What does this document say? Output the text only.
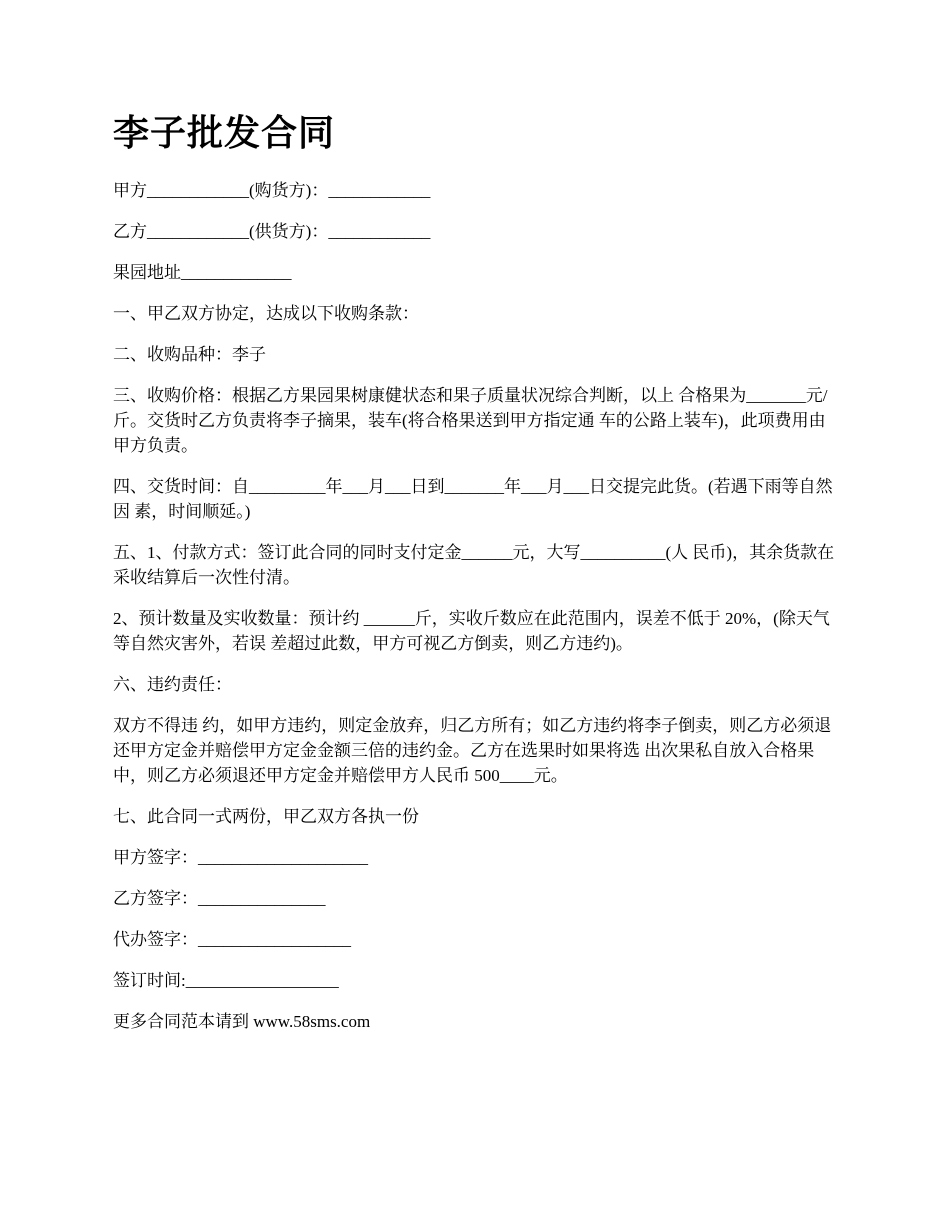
李子批发合同

甲方____________(购货方)：____________

乙方____________(供货方)：____________

果园地址_____________

一、甲乙双方协定，达成以下收购条款：

二、收购品种：李子

三、收购价格：根据乙方果园果树康健状态和果子质量状况综合判断，以上 合格果为_______元/斤。交货时乙方负责将李子摘果，装车(将合格果送到甲方指定通 车的公路上装车)，此项费用由甲方负责。

四、交货时间：自_________年___月___日到_______年___月___日交提完此货。(若遇下雨等自然因 素，时间顺延。)

五、1、付款方式：签订此合同的同时支付定金______元，大写__________(人 民币)，其余货款在采收结算后一次性付清。

2、预计数量及实收数量：预计约 ______斤，实收斤数应在此范围内，误差不低于 20%，(除天气等自然灾害外，若误 差超过此数，甲方可视乙方倒卖，则乙方违约)。

六、违约责任：

双方不得违 约，如甲方违约，则定金放弃，归乙方所有；如乙方违约将李子倒卖，则乙方必须退 还甲方定金并赔偿甲方定金金额三倍的违约金。乙方在选果时如果将选 出次果私自放入合格果中，则乙方必须退还甲方定金并赔偿甲方人民币 500____元。

七、此合同一式两份，甲乙双方各执一份

甲方签字：____________________

乙方签字：_______________

代办签字：__________________

签订时间:__________________

更多合同范本请到 www.58sms.com
